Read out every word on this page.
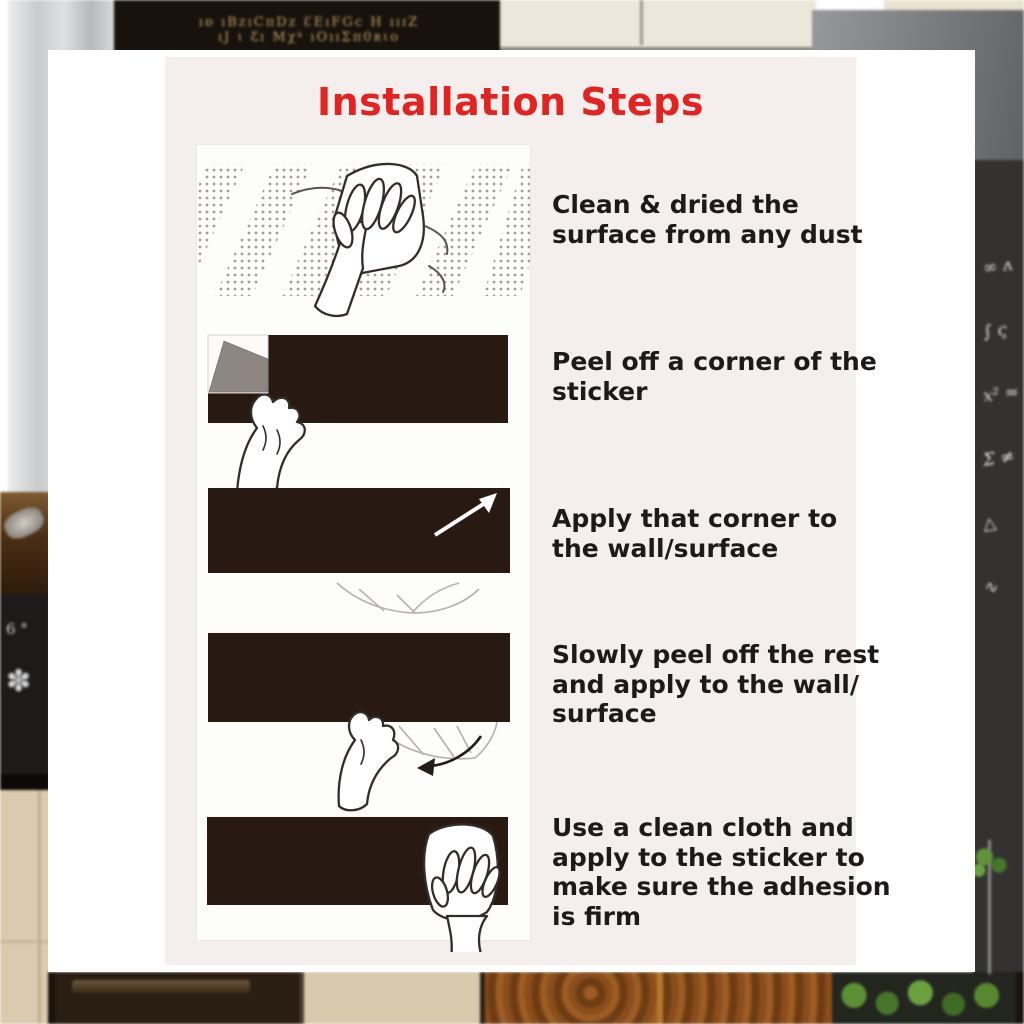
ıʚ ıBzıCπDz ƐEıFGc H ııɪZ
ıJ ɩ Ƹı Mχᵏ ıOııƩπ0ʀɩo
∞ ʌ
∫ ς
x² ≈
Σ ≠
△
∿
6 °
✽
Installation Steps
Clean & dried the
surface from any dust
Peel off a corner of the
sticker
Apply that corner to
the wall/surface
Slowly peel off the rest
and apply to the wall/
surface
Use a clean cloth and
apply to the sticker to
make sure the adhesion
is firm
